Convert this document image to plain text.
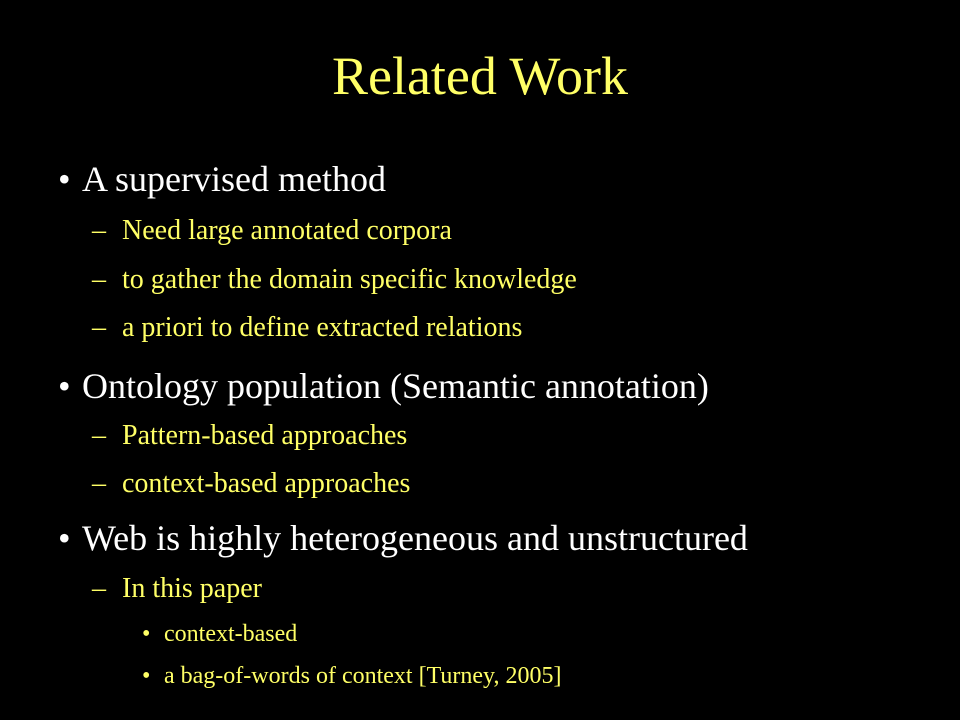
Related Work
• A supervised method
– Need large annotated corpora
– to gather the domain specific knowledge
– a priori to define extracted relations
• Ontology population (Semantic annotation)
– Pattern-based approaches
– context-based approaches
• Web is highly heterogeneous and unstructured
– In this paper
• context-based
• a bag-of-words of context [Turney, 2005]
